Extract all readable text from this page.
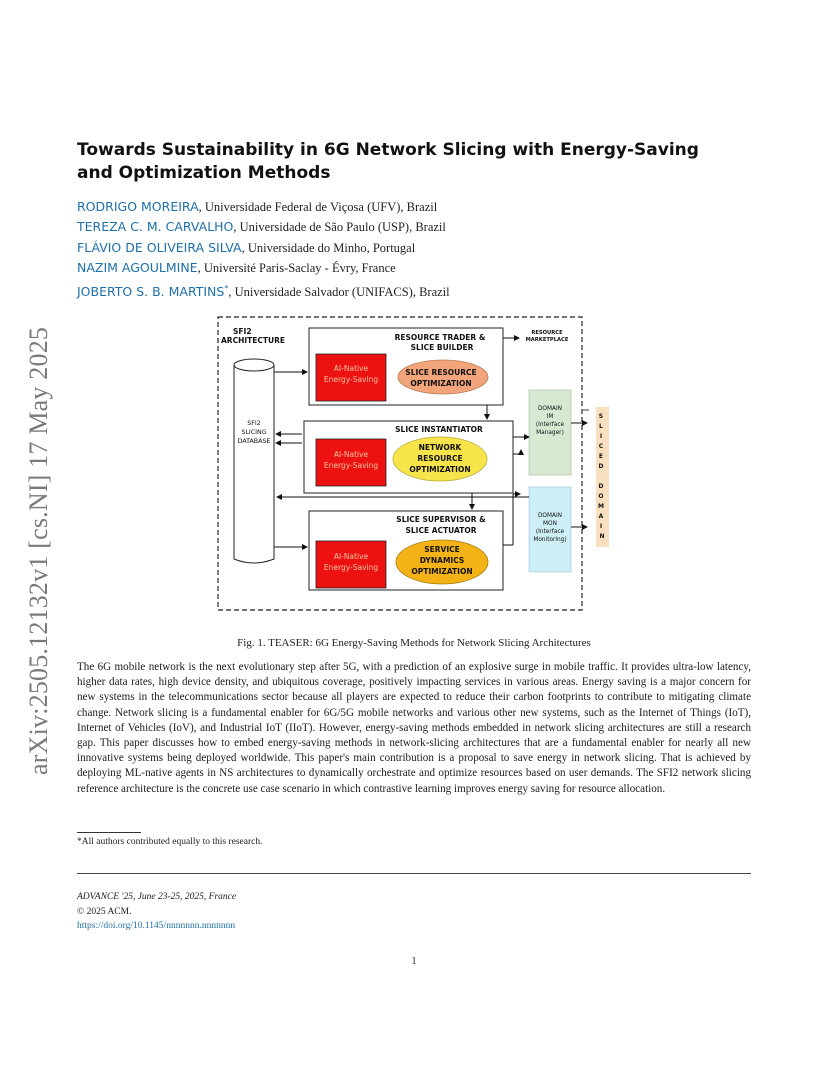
arXiv:2505.12132v1 [cs.NI] 17 May 2025
Towards Sustainability in 6G Network Slicing with Energy-Saving and Optimization Methods
RODRIGO MOREIRA, Universidade Federal de Viçosa (UFV), Brazil
TEREZA C. M. CARVALHO, Universidade de São Paulo (USP), Brazil
FLÁVIO DE OLIVEIRA SILVA, Universidade do Minho, Portugal
NAZIM AGOULMINE, Université Paris-Saclay - Évry, France
JOBERTO S. B. MARTINS*, Universidade Salvador (UNIFACS), Brazil
SFI2 ARCHITECTURE
SFI2 SLICING DATABASE
RESOURCE TRADER & SLICE BUILDER
AI-Native Energy-Saving
SLICE RESOURCE OPTIMIZATION
RESOURCE MARKETPLACE
SLICE INSTANTIATOR
AI-Native Energy-Saving
NETWORK RESOURCE OPTIMIZATION
SLICE SUPERVISOR & SLICE ACTUATOR
AI-Native Energy-Saving
SERVICE DYNAMICS OPTIMIZATION
DOMAIN IM (Interface Manager)
DOMAIN MON (Interface Monitoring)
S L I C E D D O M A I N
Fig. 1. TEASER: 6G Energy-Saving Methods for Network Slicing Architectures
The 6G mobile network is the next evolutionary step after 5G, with a prediction of an explosive surge in mobile traffic. It provides ultra-low latency, higher data rates, high device density, and ubiquitous coverage, positively impacting services in various areas. Energy saving is a major concern for new systems in the telecommunications sector because all players are expected to reduce their carbon footprints to contribute to mitigating climate change. Network slicing is a fundamental enabler for 6G/5G mobile networks and various other new systems, such as the Internet of Things (IoT), Internet of Vehicles (IoV), and Industrial IoT (IIoT). However, energy-saving methods embedded in network slicing architectures are still a research gap. This paper discusses how to embed energy-saving methods in network-slicing architectures that are a fundamental enabler for nearly all new innovative systems being deployed worldwide. This paper's main contribution is a proposal to save energy in network slicing. That is achieved by deploying ML-native agents in NS architectures to dynamically orchestrate and optimize resources based on user demands. The SFI2 network slicing reference architecture is the concrete use case scenario in which contrastive learning improves energy saving for resource allocation.
*All authors contributed equally to this research.
ADVANCE '25, June 23-25, 2025, France
© 2025 ACM.
https://doi.org/10.1145/nnnnnnn.nnnnnnn
1
